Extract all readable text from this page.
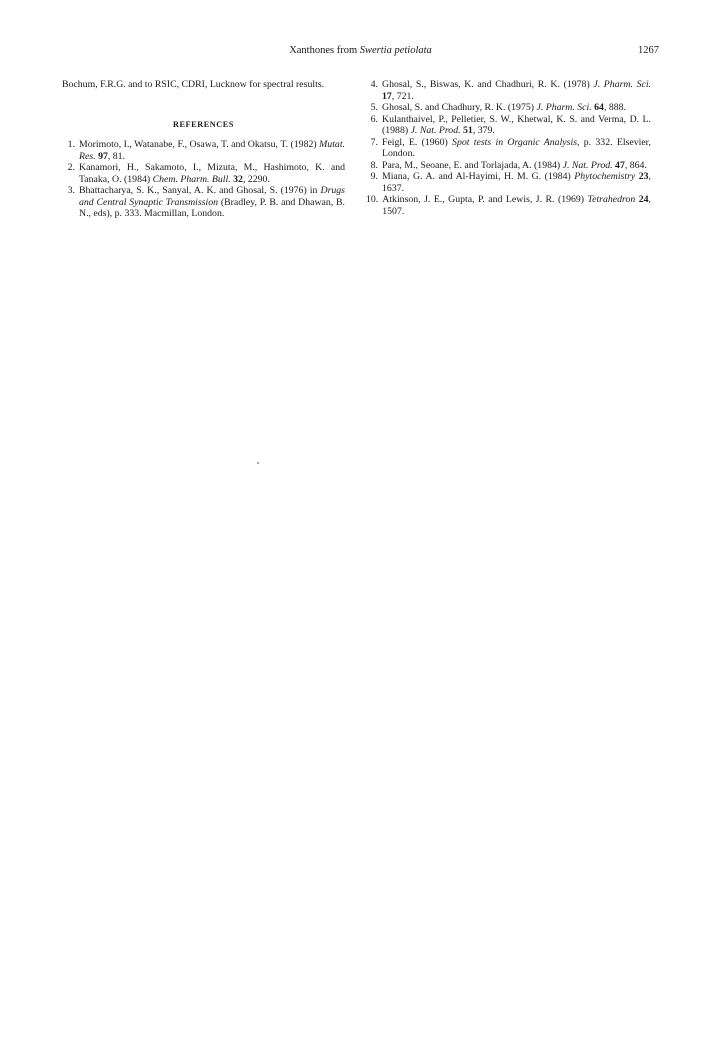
Xanthones from Swertia petiolata	1267

Bochum, F.R.G. and to RSIC, CDRI, Lucknow for spectral results.

REFERENCES
1. Morimoto, I., Watanabe, F., Osawa, T. and Okatsu, T. (1982) Mutat. Res. 97, 81.
2. Kanamori, H., Sakamoto, I., Mizuta, M., Hashimoto, K. and Tanaka, O. (1984) Chem. Pharm. Bull. 32, 2290.
3. Bhattacharya, S. K., Sanyal, A. K. and Ghosal, S. (1976) in Drugs and Central Synaptic Transmission (Bradley, P. B. and Dhawan, B. N., eds), p. 333. Macmillan, London.
4. Ghosal, S., Biswas, K. and Chadhuri, R. K. (1978) J. Pharm. Sci. 17, 721.
5. Ghosal, S. and Chadhury, R. K. (1975) J. Pharm. Sci. 64, 888.
6. Kulanthaivel, P., Pelletier, S. W., Khetwal, K. S. and Verma, D. L. (1988) J. Nat. Prod. 51, 379.
7. Feigl, E. (1960) Spot tests in Organic Analysis, p. 332. Elsevier, London.
8. Para, M., Seoane, E. and Torlajada, A. (1984) J. Nat. Prod. 47, 864.
9. Miana, G. A. and Al-Hayimi, H. M. G. (1984) Phytochemistry 23, 1637.
10. Atkinson, J. E., Gupta, P. and Lewis, J. R. (1969) Tetrahedron 24, 1507.
